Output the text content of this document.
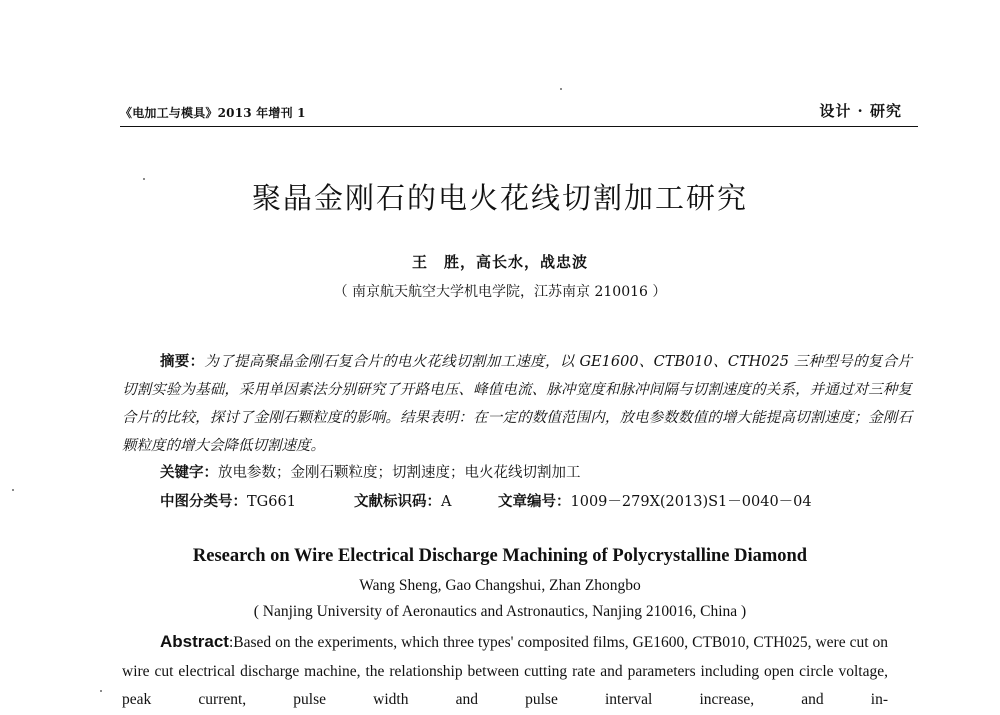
《电加工与模具》2013 年增刊 1	设计 · 研究
聚晶金刚石的电火花线切割加工研究
王　胜，高长水，战忠波
（ 南京航天航空大学机电学院，江苏南京 210016 ）
摘要：为了提高聚晶金刚石复合片的电火花线切割加工速度，以 GE1600、CTB010、CTH025 三种型号的复合片切割实验为基础，采用单因素法分别研究了开路电压、峰值电流、脉冲宽度和脉冲间隔与切割速度的关系，并通过对三种复合片的比较，探讨了金刚石颗粒度的影响。结果表明：在一定的数值范围内，放电参数数值的增大能提高切割速度；金刚石颗粒度的增大会降低切割速度。
关键字：放电参数；金刚石颗粒度；切割速度；电火花线切割加工
中图分类号：TG661	文献标识码：A	文章编号：1009－279X(2013)S1－0040－04
Research on Wire Electrical Discharge Machining of Polycrystalline Diamond
Wang Sheng, Gao Changshui, Zhan Zhongbo
( Nanjing University of Aeronautics and Astronautics, Nanjing 210016, China )
Abstract:Based on the experiments, which three types' composited films, GE1600, CTB010, CTH025, were cut on wire cut electrical discharge machine, the relationship between cutting rate and parameters including open circle voltage, peak current, pulse width and pulse interval increase, and in-
